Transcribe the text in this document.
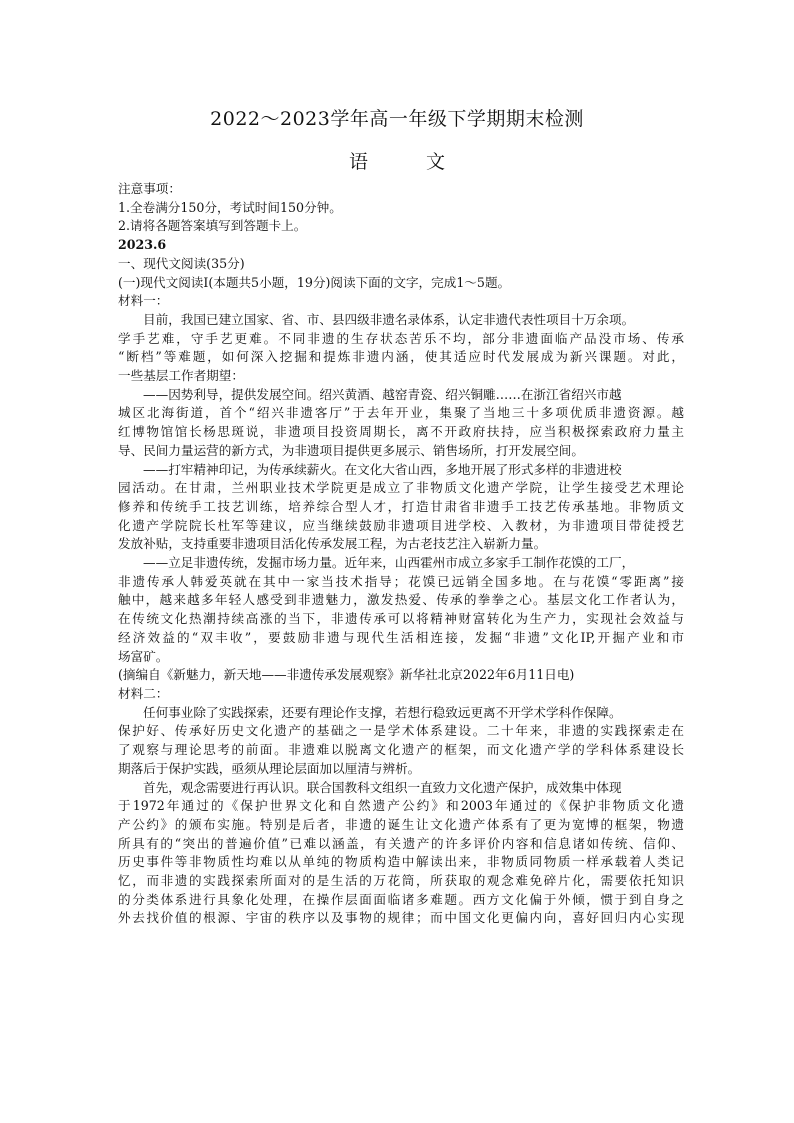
2022～2023学年高一年级下学期期末检测
语 文

注意事项：

1.全卷满分150分，考试时间150分钟。

2.请将各题答案填写到答题卡上。

2023.6

一、现代文阅读(35分)

(一)现代文阅读Ⅰ(本题共5小题，19分)阅读下面的文字，完成1～5题。

材料一：

目前，我国已建立国家、省、市、县四级非遗名录体系，认定非遗代表性项目十万余项。

学手艺难，守手艺更难。不同非遗的生存状态苦乐不均，部分非遗面临产品没市场、传承

“断档”等难题，如何深入挖掘和提炼非遗内涵，使其适应时代发展成为新兴课题。对此，

一些基层工作者期望：

——因势利导，提供发展空间。绍兴黄酒、越窑青瓷、绍兴铜雕……在浙江省绍兴市越

城区北海街道，首个“绍兴非遗客厅”于去年开业，集聚了当地三十多项优质非遗资源。越

红博物馆馆长杨思斑说，非遗项目投资周期长，离不开政府扶持，应当积极探索政府力量主

导、民间力量运营的新方式，为非遗项目提供更多展示、销售场所，打开发展空间。

——打牢精神印记，为传承续薪火。在文化大省山西，多地开展了形式多样的非遗进校

园活动。在甘肃，兰州职业技术学院更是成立了非物质文化遗产学院，让学生接受艺术理论

修养和传统手工技艺训练，培养综合型人才，打造甘肃省非遗手工技艺传承基地。非物质文

化遗产学院院长杜军等建议，应当继续鼓励非遗项目进学校、入教材，为非遗项目带徒授艺

发放补贴，支持重要非遗项目活化传承发展工程，为古老技艺注入崭新力量。

——立足非遗传统，发掘市场力量。近年来，山西霍州市成立多家手工制作花馍的工厂，

非遗传承人韩爱英就在其中一家当技术指导；花馍已远销全国多地。在与花馍“零距离”接

触中，越来越多年轻人感受到非遗魅力，激发热爱、传承的拳拳之心。基层文化工作者认为，

在传统文化热潮持续高涨的当下，非遗传承可以将精神财富转化为生产力，实现社会效益与

经济效益的“双丰收”，要鼓励非遗与现代生活相连接，发掘“非遗”文化IP,开掘产业和市

场富矿。

(摘编自《新魅力，新天地——非遗传承发展观察》新华社北京2022年6月11日电)

材料二：

任何事业除了实践探索，还要有理论作支撑，若想行稳致远更离不开学术学科作保障。

保护好、传承好历史文化遗产的基础之一是学术体系建设。二十年来，非遗的实践探索走在

了观察与理论思考的前面。非遗难以脱离文化遗产的框架，而文化遗产学的学科体系建设长

期落后于保护实践，亟须从理论层面加以厘清与辨析。

首先，观念需要进行再认识。联合国教科文组织一直致力文化遗产保护，成效集中体现

于1972年通过的《保护世界文化和自然遗产公约》和2003年通过的《保护非物质文化遗

产公约》的颁布实施。特别是后者，非遗的诞生让文化遗产体系有了更为宽博的框架，物遗

所具有的“突出的普遍价值”已难以涵盖，有关遗产的许多评价内容和信息诸如传统、信仰、

历史事件等非物质性均难以从单纯的物质构造中解读出来，非物质同物质一样承载着人类记

忆，而非遗的实践探索所面对的是生活的万花筒，所获取的观念难免碎片化，需要依托知识

的分类体系进行具象化处理，在操作层面面临诸多难题。西方文化偏于外倾，惯于到自身之

外去找价值的根源、宇宙的秩序以及事物的规律；而中国文化更偏内向，喜好回归内心实现
